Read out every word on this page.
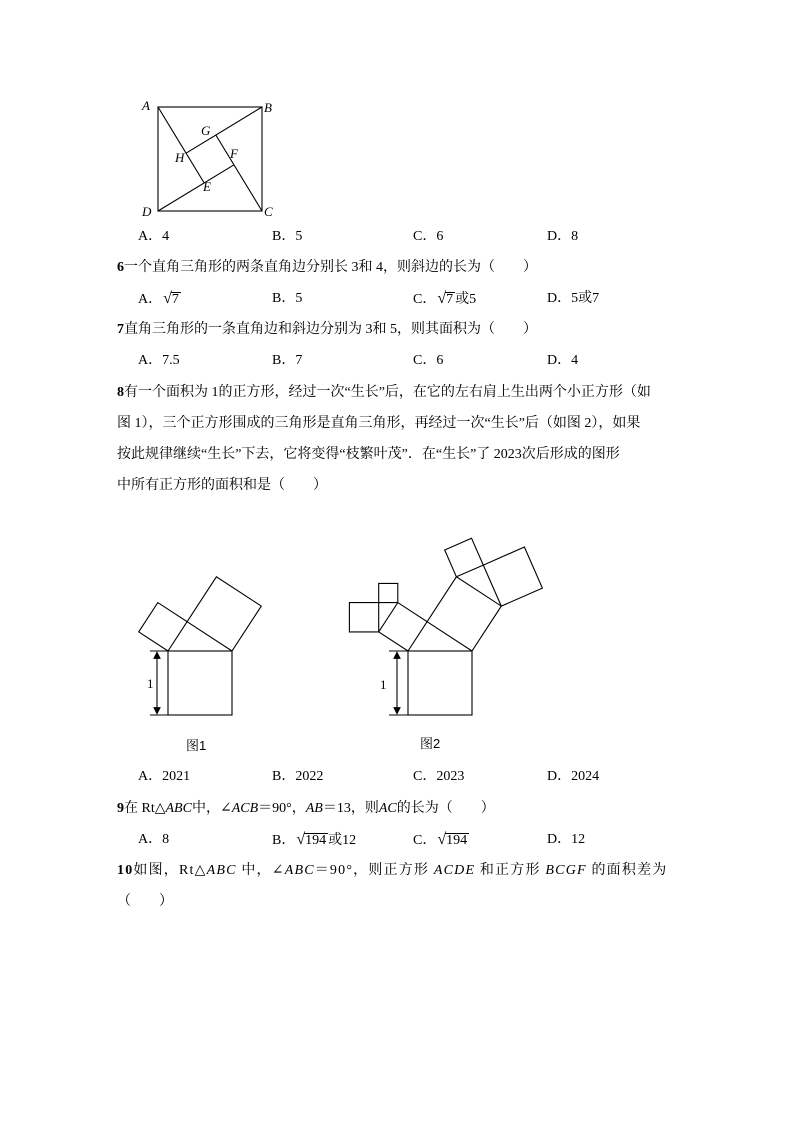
A	B
C
D
G
H	F
E
1	1
A．4	B．5	C．6	D．8
6一个直角三角形的两条直角边分别长 3和 4，则斜边的长为（　　）
A．√7	B．5	C．√7 或5	D．5或7
7直角三角形的一条直角边和斜边分别为 3和 5，则其面积为（　　）
A．7.5	B．7	C．6	D．4
8有一个面积为 1的正方形，经过一次“生长”后，在它的左右肩上生出两个小正方形（如
图 1），三个正方形围成的三角形是直角三角形，再经过一次“生长”后（如图 2），如果
按此规律继续“生长”下去，它将变得“枝繁叶茂”．在“生长”了 2023次后形成的图形
中所有正方形的面积和是（　　）
图1	图2
A．2021	B．2022	C．2023	D．2024
9在 Rt△ABC中，∠ACB＝90°，AB＝13，则AC的长为（　　）
A．8	B．√194 或12	C．√194	D．12
10如图，Rt△ABC 中，∠ABC＝90°，则正方形 ACDE 和正方形 BCGF 的面积差为
（　　）
